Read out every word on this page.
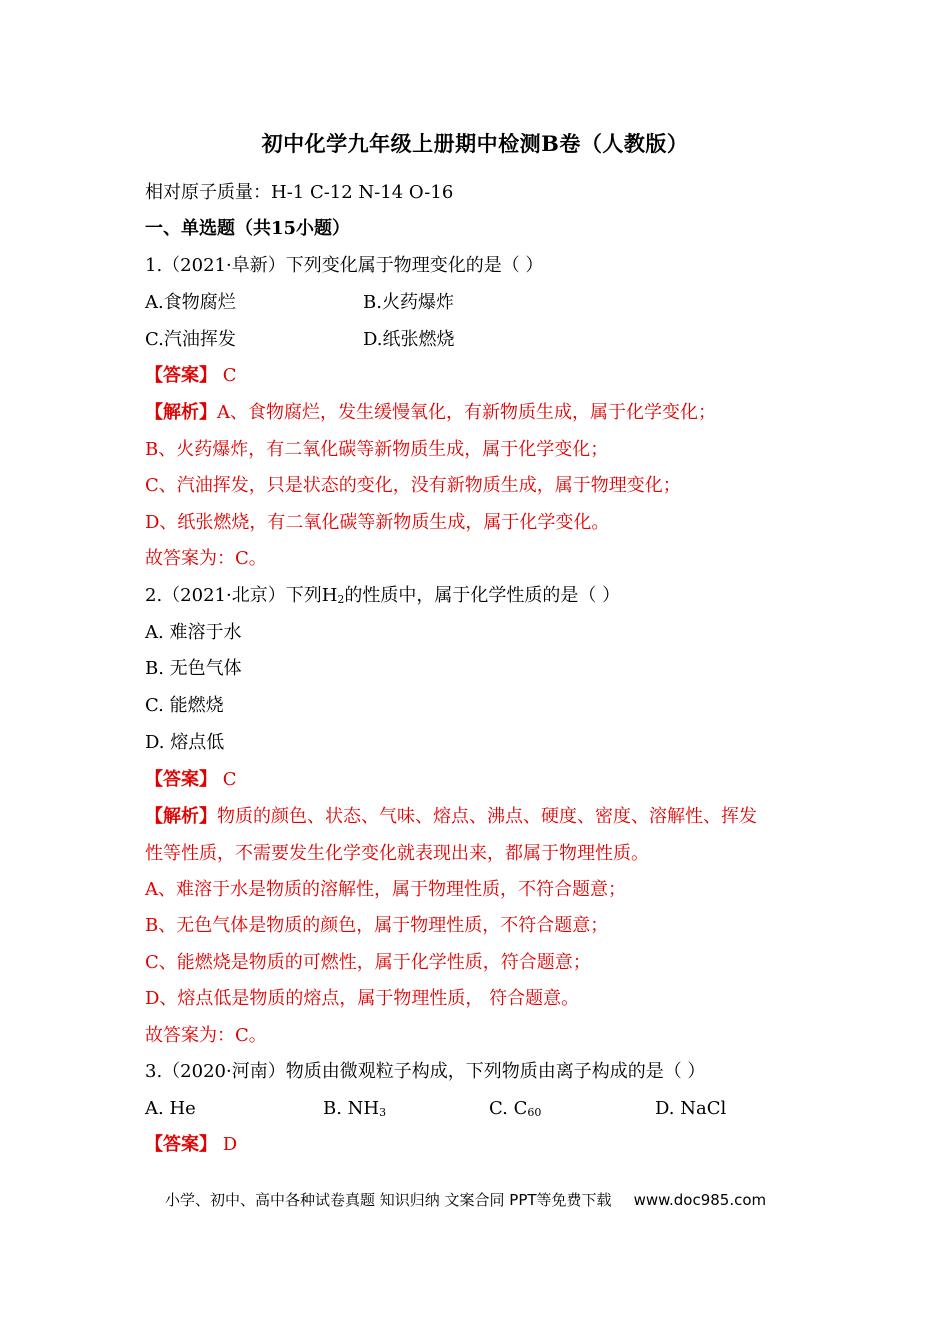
初中化学九年级上册期中检测B卷（人教版）
相对原子质量：H-1 C-12 N-14 O-16
一、单选题（共15小题）
1.（2021·阜新）下列变化属于物理变化的是（ ）
A.食物腐烂	B.火药爆炸
C.汽油挥发	D.纸张燃烧
【答案】 C
【解析】A、食物腐烂，发生缓慢氧化，有新物质生成，属于化学变化；
B、火药爆炸，有二氧化碳等新物质生成，属于化学变化；
C、汽油挥发，只是状态的变化，没有新物质生成，属于物理变化；
D、纸张燃烧，有二氧化碳等新物质生成，属于化学变化。
故答案为：C。
2.（2021·北京）下列$H_2$的性质中，属于化学性质的是（ ）
A. 难溶于水
B. 无色气体
C. 能燃烧
D. 熔点低
【答案】 C
【解析】物质的颜色、状态、气味、熔点、沸点、硬度、密度、溶解性、挥发
性等性质，不需要发生化学变化就表现出来，都属于物理性质。
A、难溶于水是物质的溶解性，属于物理性质，不符合题意；
B、无色气体是物质的颜色，属于物理性质，不符合题意；
C、能燃烧是物质的可燃性，属于化学性质，符合题意；
D、熔点低是物质的熔点，属于物理性质， 符合题意。
故答案为：C。
3.（2020·河南）物质由微观粒子构成，下列物质由离子构成的是（ ）
A. He	B. $NH_3$	C. $C_{60}$	D. NaCl
【答案】 D
小学、初中、高中各种试卷真题 知识归纳 文案合同 PPT等免费下载 www.doc985.com
